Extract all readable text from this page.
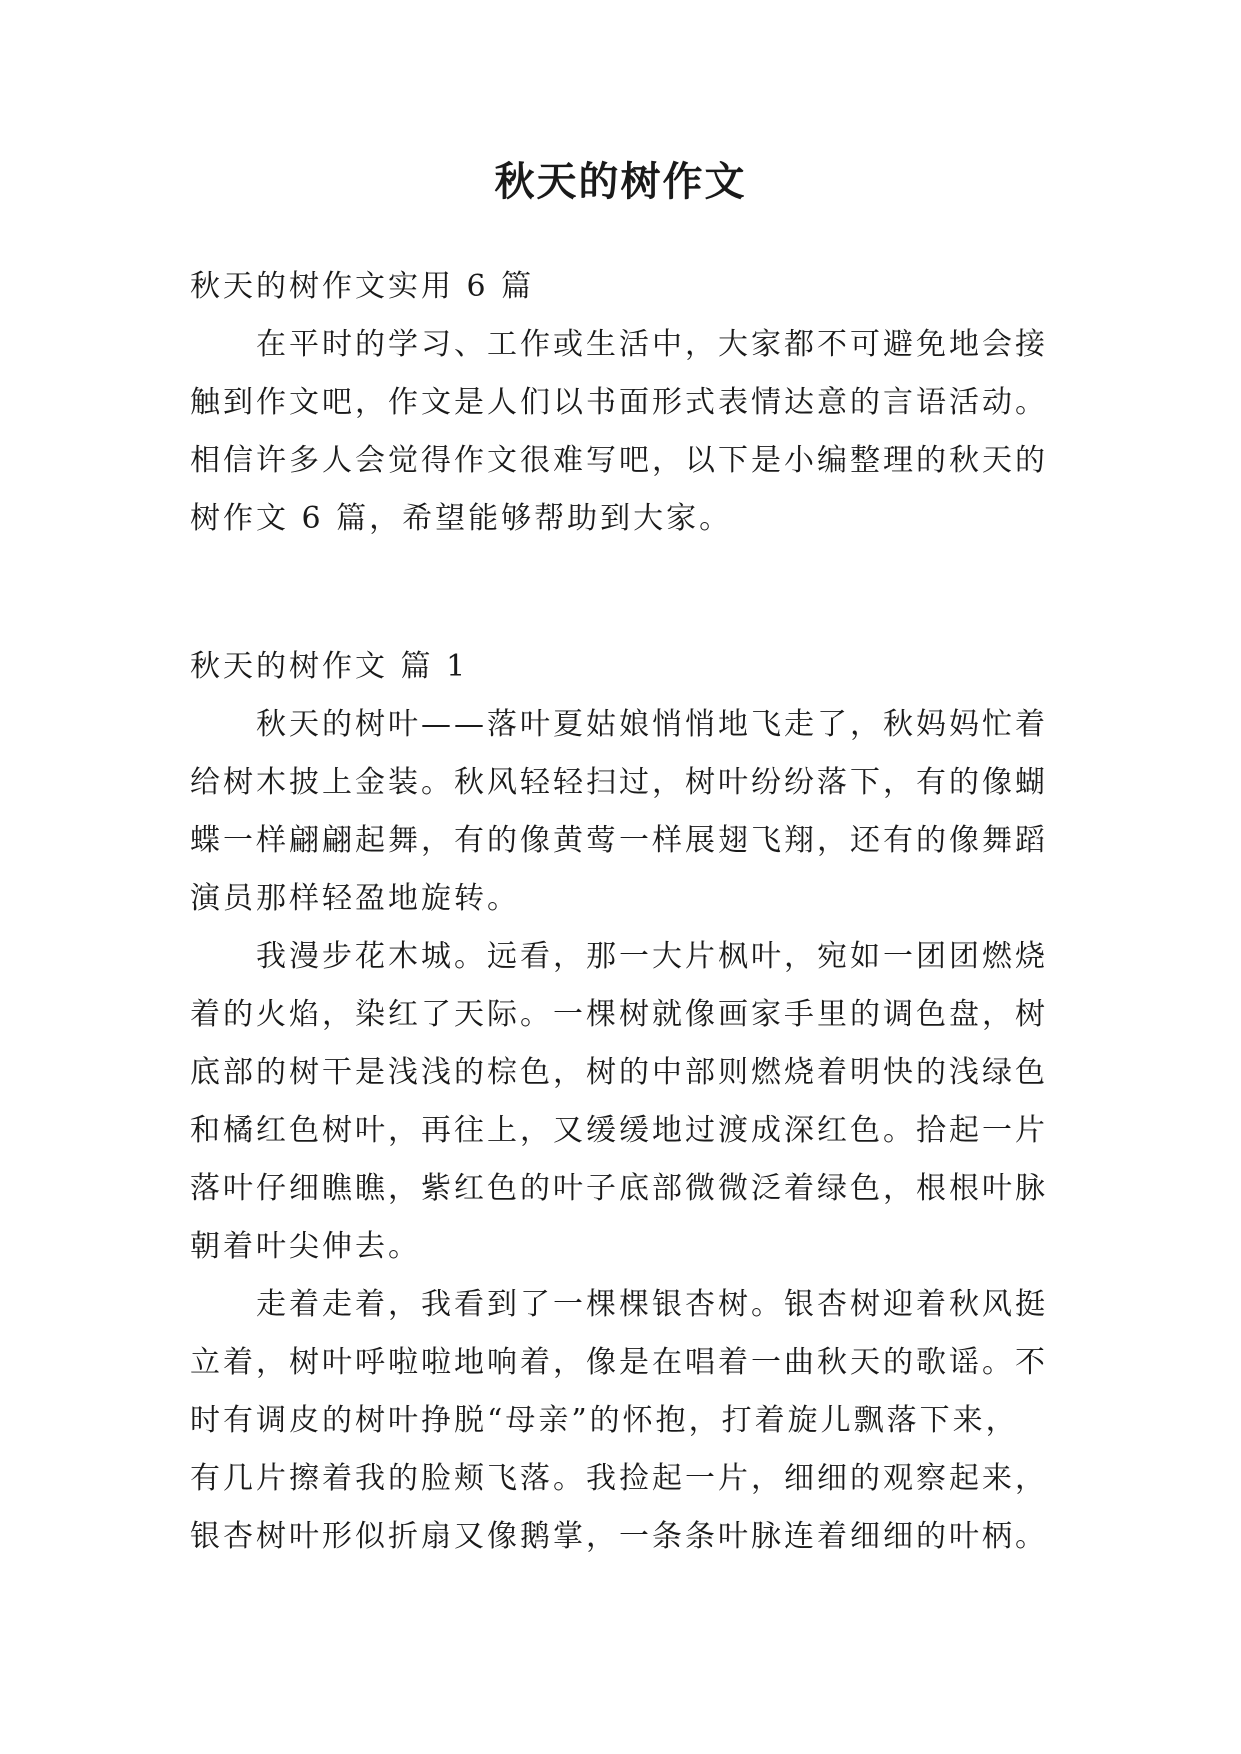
秋天的树作文

秋天的树作文实用 6 篇

在平时的学习、工作或生活中，大家都不可避免地会接

触到作文吧，作文是人们以书面形式表情达意的言语活动。

相信许多人会觉得作文很难写吧，以下是小编整理的秋天的

树作文 6 篇，希望能够帮助到大家。

秋天的树作文 篇 1

秋天的树叶——落叶夏姑娘悄悄地飞走了，秋妈妈忙着

给树木披上金装。秋风轻轻扫过，树叶纷纷落下，有的像蝴

蝶一样翩翩起舞，有的像黄莺一样展翅飞翔，还有的像舞蹈

演员那样轻盈地旋转。

我漫步花木城。远看，那一大片枫叶，宛如一团团燃烧

着的火焰，染红了天际。一棵树就像画家手里的调色盘，树

底部的树干是浅浅的棕色，树的中部则燃烧着明快的浅绿色

和橘红色树叶，再往上，又缓缓地过渡成深红色。拾起一片

落叶仔细瞧瞧，紫红色的叶子底部微微泛着绿色，根根叶脉

朝着叶尖伸去。

走着走着，我看到了一棵棵银杏树。银杏树迎着秋风挺

立着，树叶呼啦啦地响着，像是在唱着一曲秋天的歌谣。不

时有调皮的树叶挣脱“母亲”的怀抱，打着旋儿飘落下来，

有几片擦着我的脸颊飞落。我捡起一片，细细的观察起来，

银杏树叶形似折扇又像鹅掌，一条条叶脉连着细细的叶柄。
